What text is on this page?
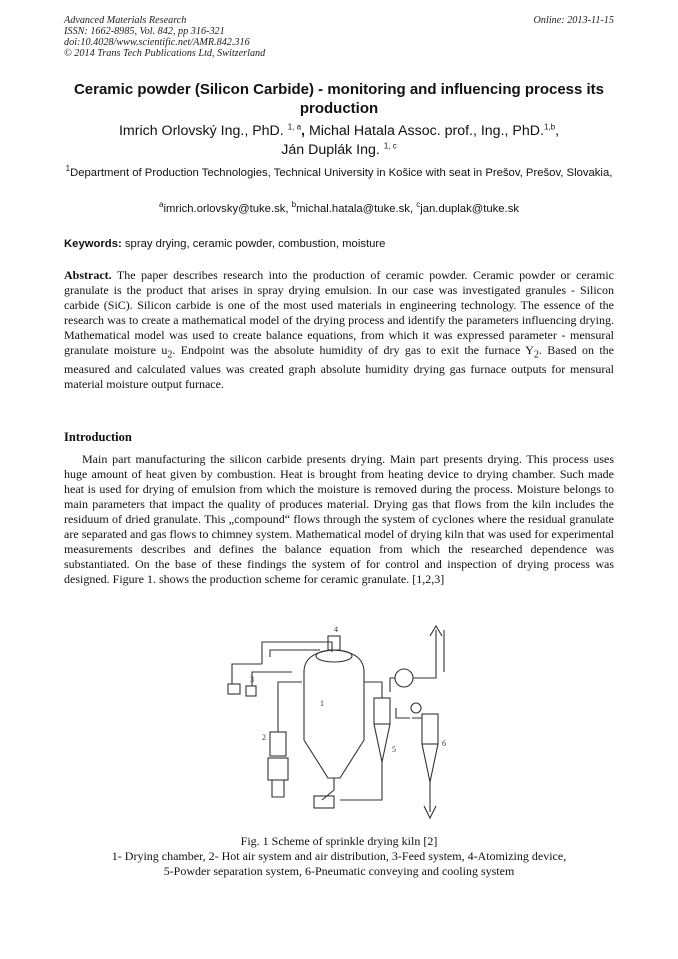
Advanced Materials Research
ISSN: 1662-8985, Vol. 842, pp 316-321
doi:10.4028/www.scientific.net/AMR.842.316
© 2014 Trans Tech Publications Ltd, Switzerland
Online: 2013-11-15
Ceramic powder (Silicon Carbide) - monitoring and influencing process its production
Imrich Orlovský Ing., PhD. $^{1, a}$, Michal Hatala Assoc. prof., Ing., PhD.$^{1,b}$,
Ján Duplák Ing. $^{1, c}$
$^1$Department of Production Technologies, Technical University in Košice with seat in Prešov, Prešov, Slovakia,
$^a$imrich.orlovsky@tuke.sk, $^b$michal.hatala@tuke.sk, $^c$jan.duplak@tuke.sk
Keywords: spray drying, ceramic powder, combustion, moisture

Abstract. The paper describes research into the production of ceramic powder. Ceramic powder or ceramic granulate is the product that arises in spray drying emulsion. In our case was investigated granules - Silicon carbide (SiC). Silicon carbide is one of the most used materials in engineering technology. The essence of the research was to create a mathematical model of the drying process and identify the parameters influencing drying. Mathematical model was used to create balance equations, from which it was expressed parameter - mensural granulate moisture $u_2$. Endpoint was the absolute humidity of dry gas to exit the furnace $Y_2$. Based on the measured and calculated values was created graph absolute humidity drying gas furnace outputs for mensural material moisture output furnace.

Introduction

Main part manufacturing the silicon carbide presents drying. Main part presents drying. This process uses huge amount of heat given by combustion. Heat is brought from heating device to drying chamber. Such made heat is used for drying of emulsion from which the moisture is removed during the process. Moisture belongs to main parameters that impact the quality of produces material. Drying gas that flows from the kiln includes the residuum of dried granulate. This „compound“ flows through the system of cyclones where the residual granulate are separated and gas flows to chimney system. Mathematical model of drying kiln that was used for experimental measurements describes and defines the balance equation from which the researched dependence was substantiated. On the base of these findings the system of for control and inspection of drying process was designed. Figure 1. shows the production scheme for ceramic granulate. [1,2,3]

4
1
2
3
5
6
Fig. 1 Scheme of sprinkle drying kiln [2]
1- Drying chamber, 2- Hot air system and air distribution, 3-Feed system, 4-Atomizing device,
5-Powder separation system, 6-Pneumatic conveying and cooling system
